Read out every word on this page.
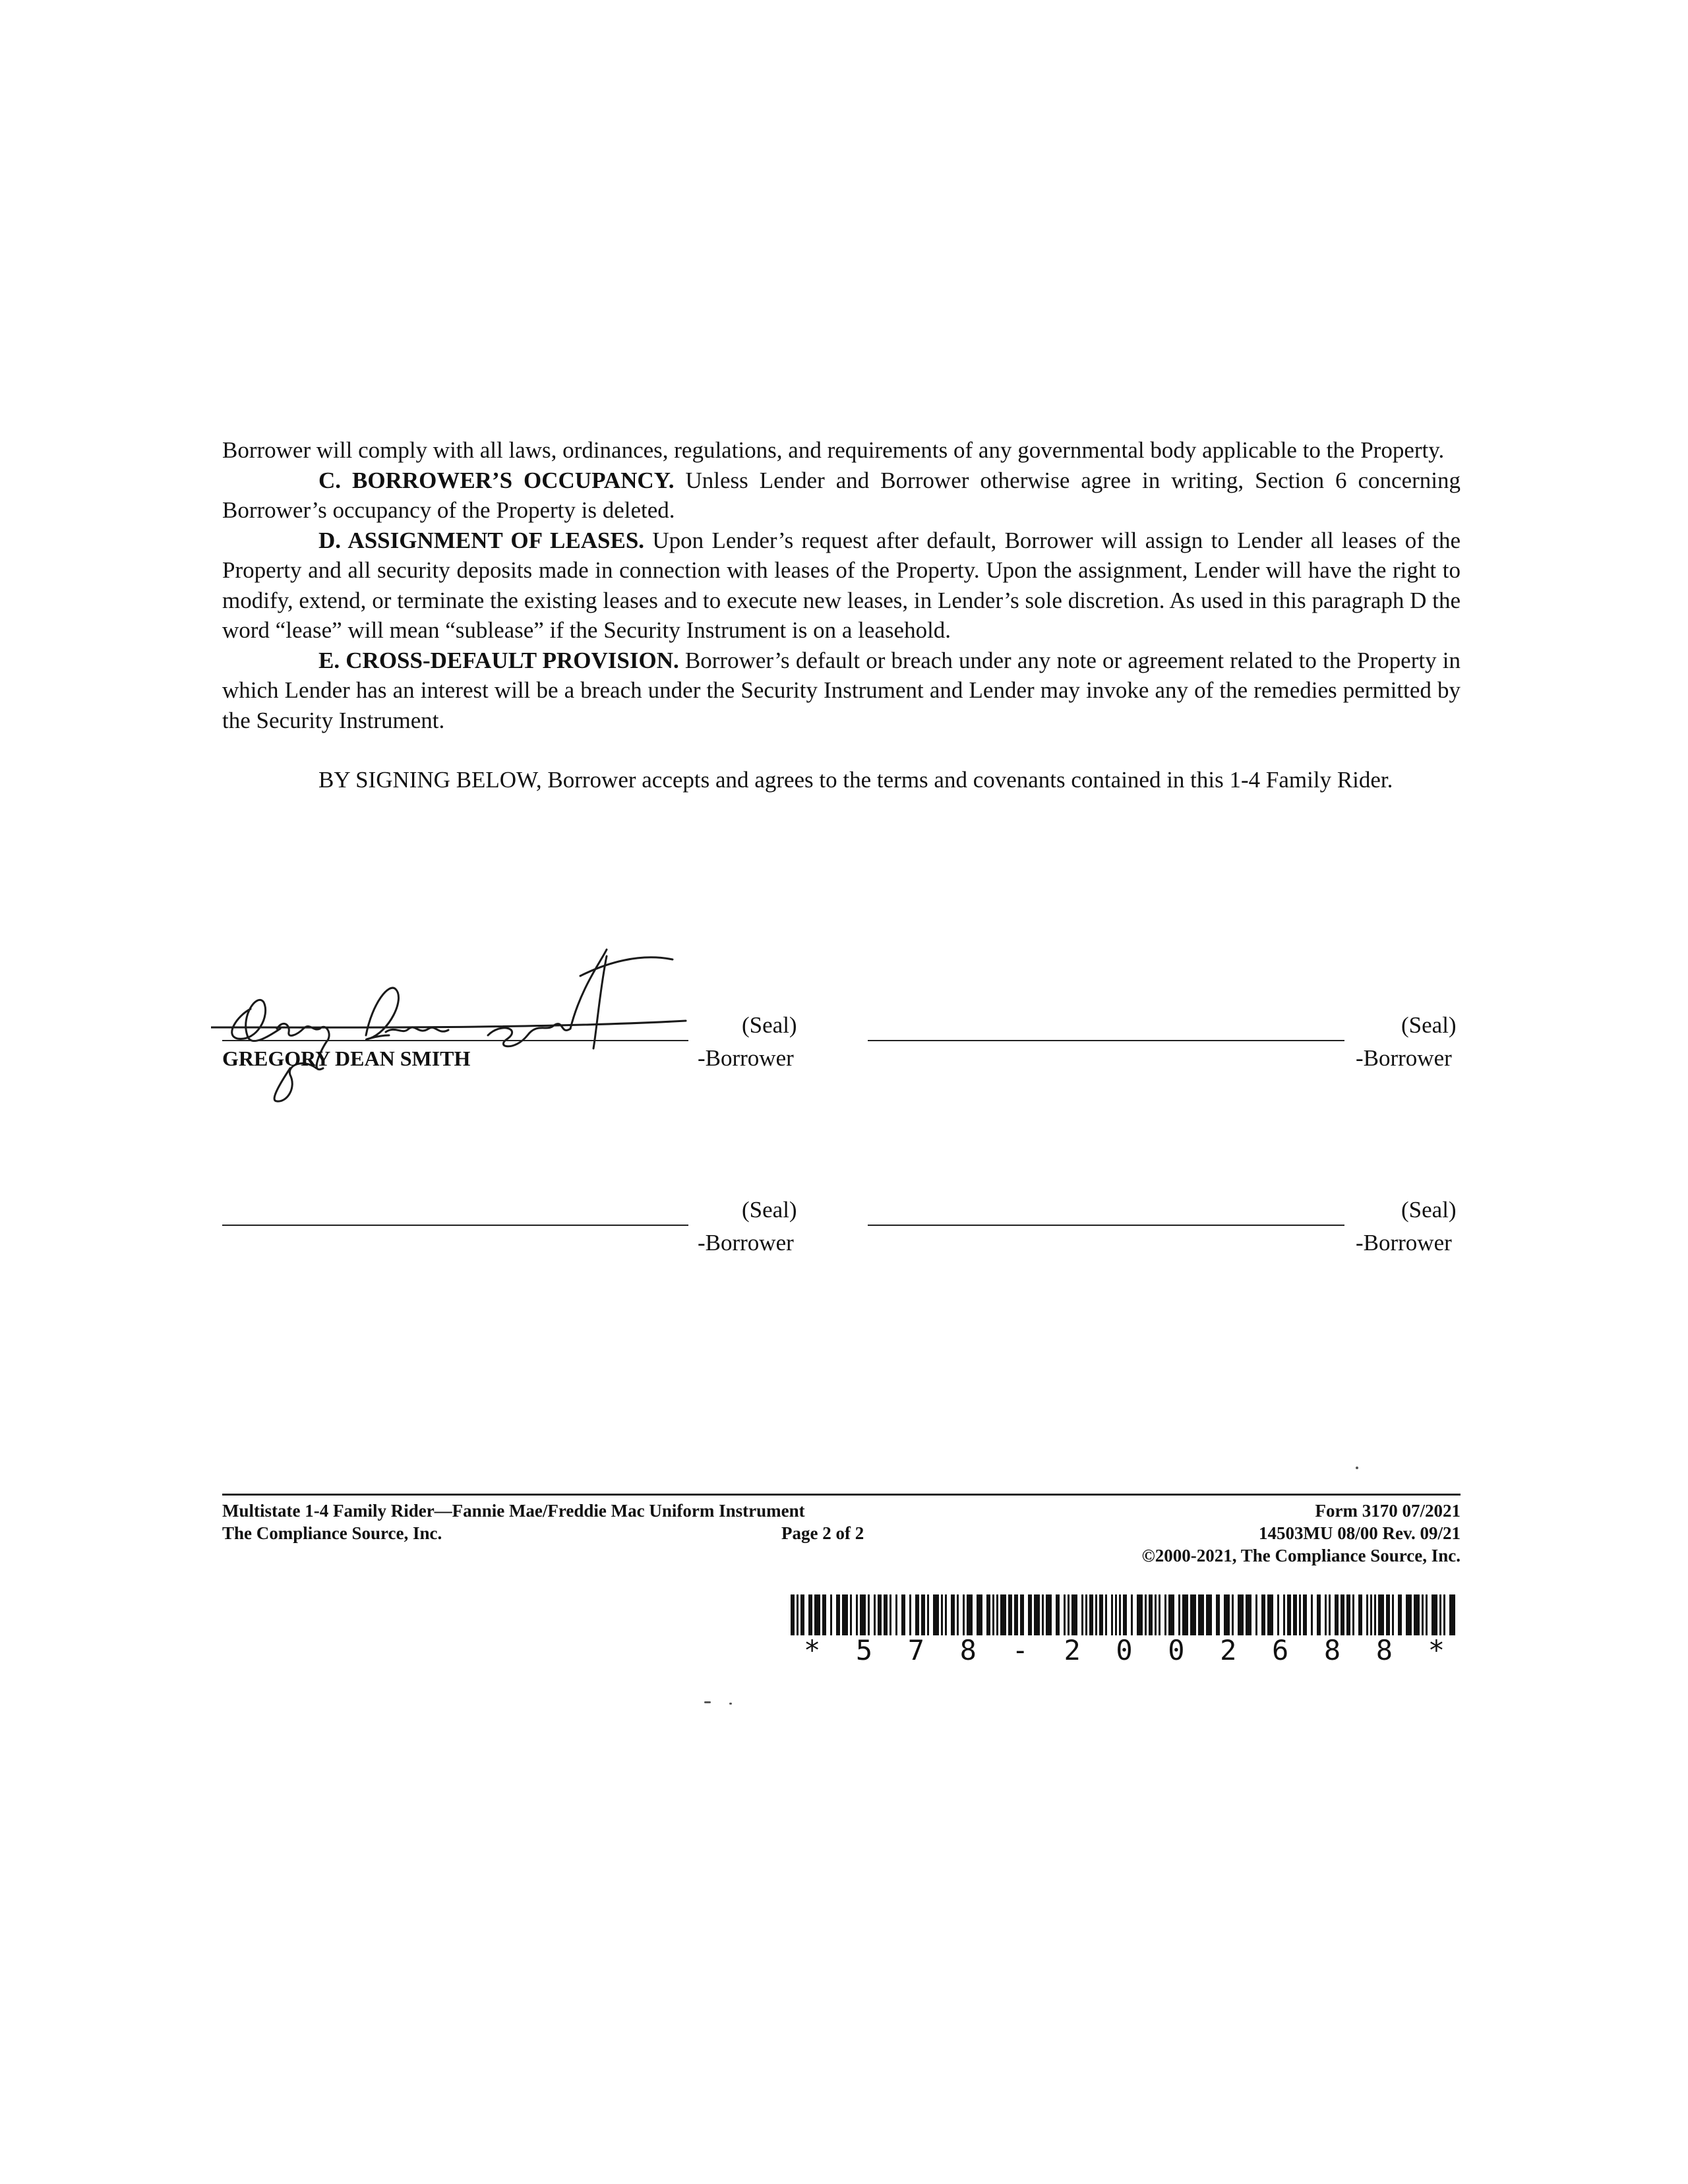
Borrower will comply with all laws, ordinances, regulations, and requirements of any governmental body applicable to the Property.

C. BORROWER’S OCCUPANCY. Unless Lender and Borrower otherwise agree in writing, Section 6 concerning Borrower’s occupancy of the Property is deleted.

D. ASSIGNMENT OF LEASES. Upon Lender’s request after default, Borrower will assign to Lender all leases of the Property and all security deposits made in connection with leases of the Property. Upon the assignment, Lender will have the right to modify, extend, or terminate the existing leases and to execute new leases, in Lender’s sole discretion. As used in this paragraph D the word “lease” will mean “sublease” if the Security Instrument is on a leasehold.

E. CROSS-DEFAULT PROVISION. Borrower’s default or breach under any note or agreement related to the Property in which Lender has an interest will be a breach under the Security Instrument and Lender may invoke any of the remedies permitted by the Security Instrument.

BY SIGNING BELOW, Borrower accepts and agrees to the terms and covenants contained in this 1-4 Family Rider.

(Seal)
GREGORY DEAN SMITH	-Borrower
(Seal)
-Borrower
(Seal)
-Borrower
(Seal)
-Borrower
Multistate 1-4 Family Rider—Fannie Mae/Freddie Mac Uniform Instrument
The Compliance Source, Inc.	Page 2 of 2
Form 3170 07/2021
14503MU 08/00 Rev. 09/21
©2000-2021, The Compliance Source, Inc.
* 5 7 8 - 2 0 0 2 6 8 8 *
